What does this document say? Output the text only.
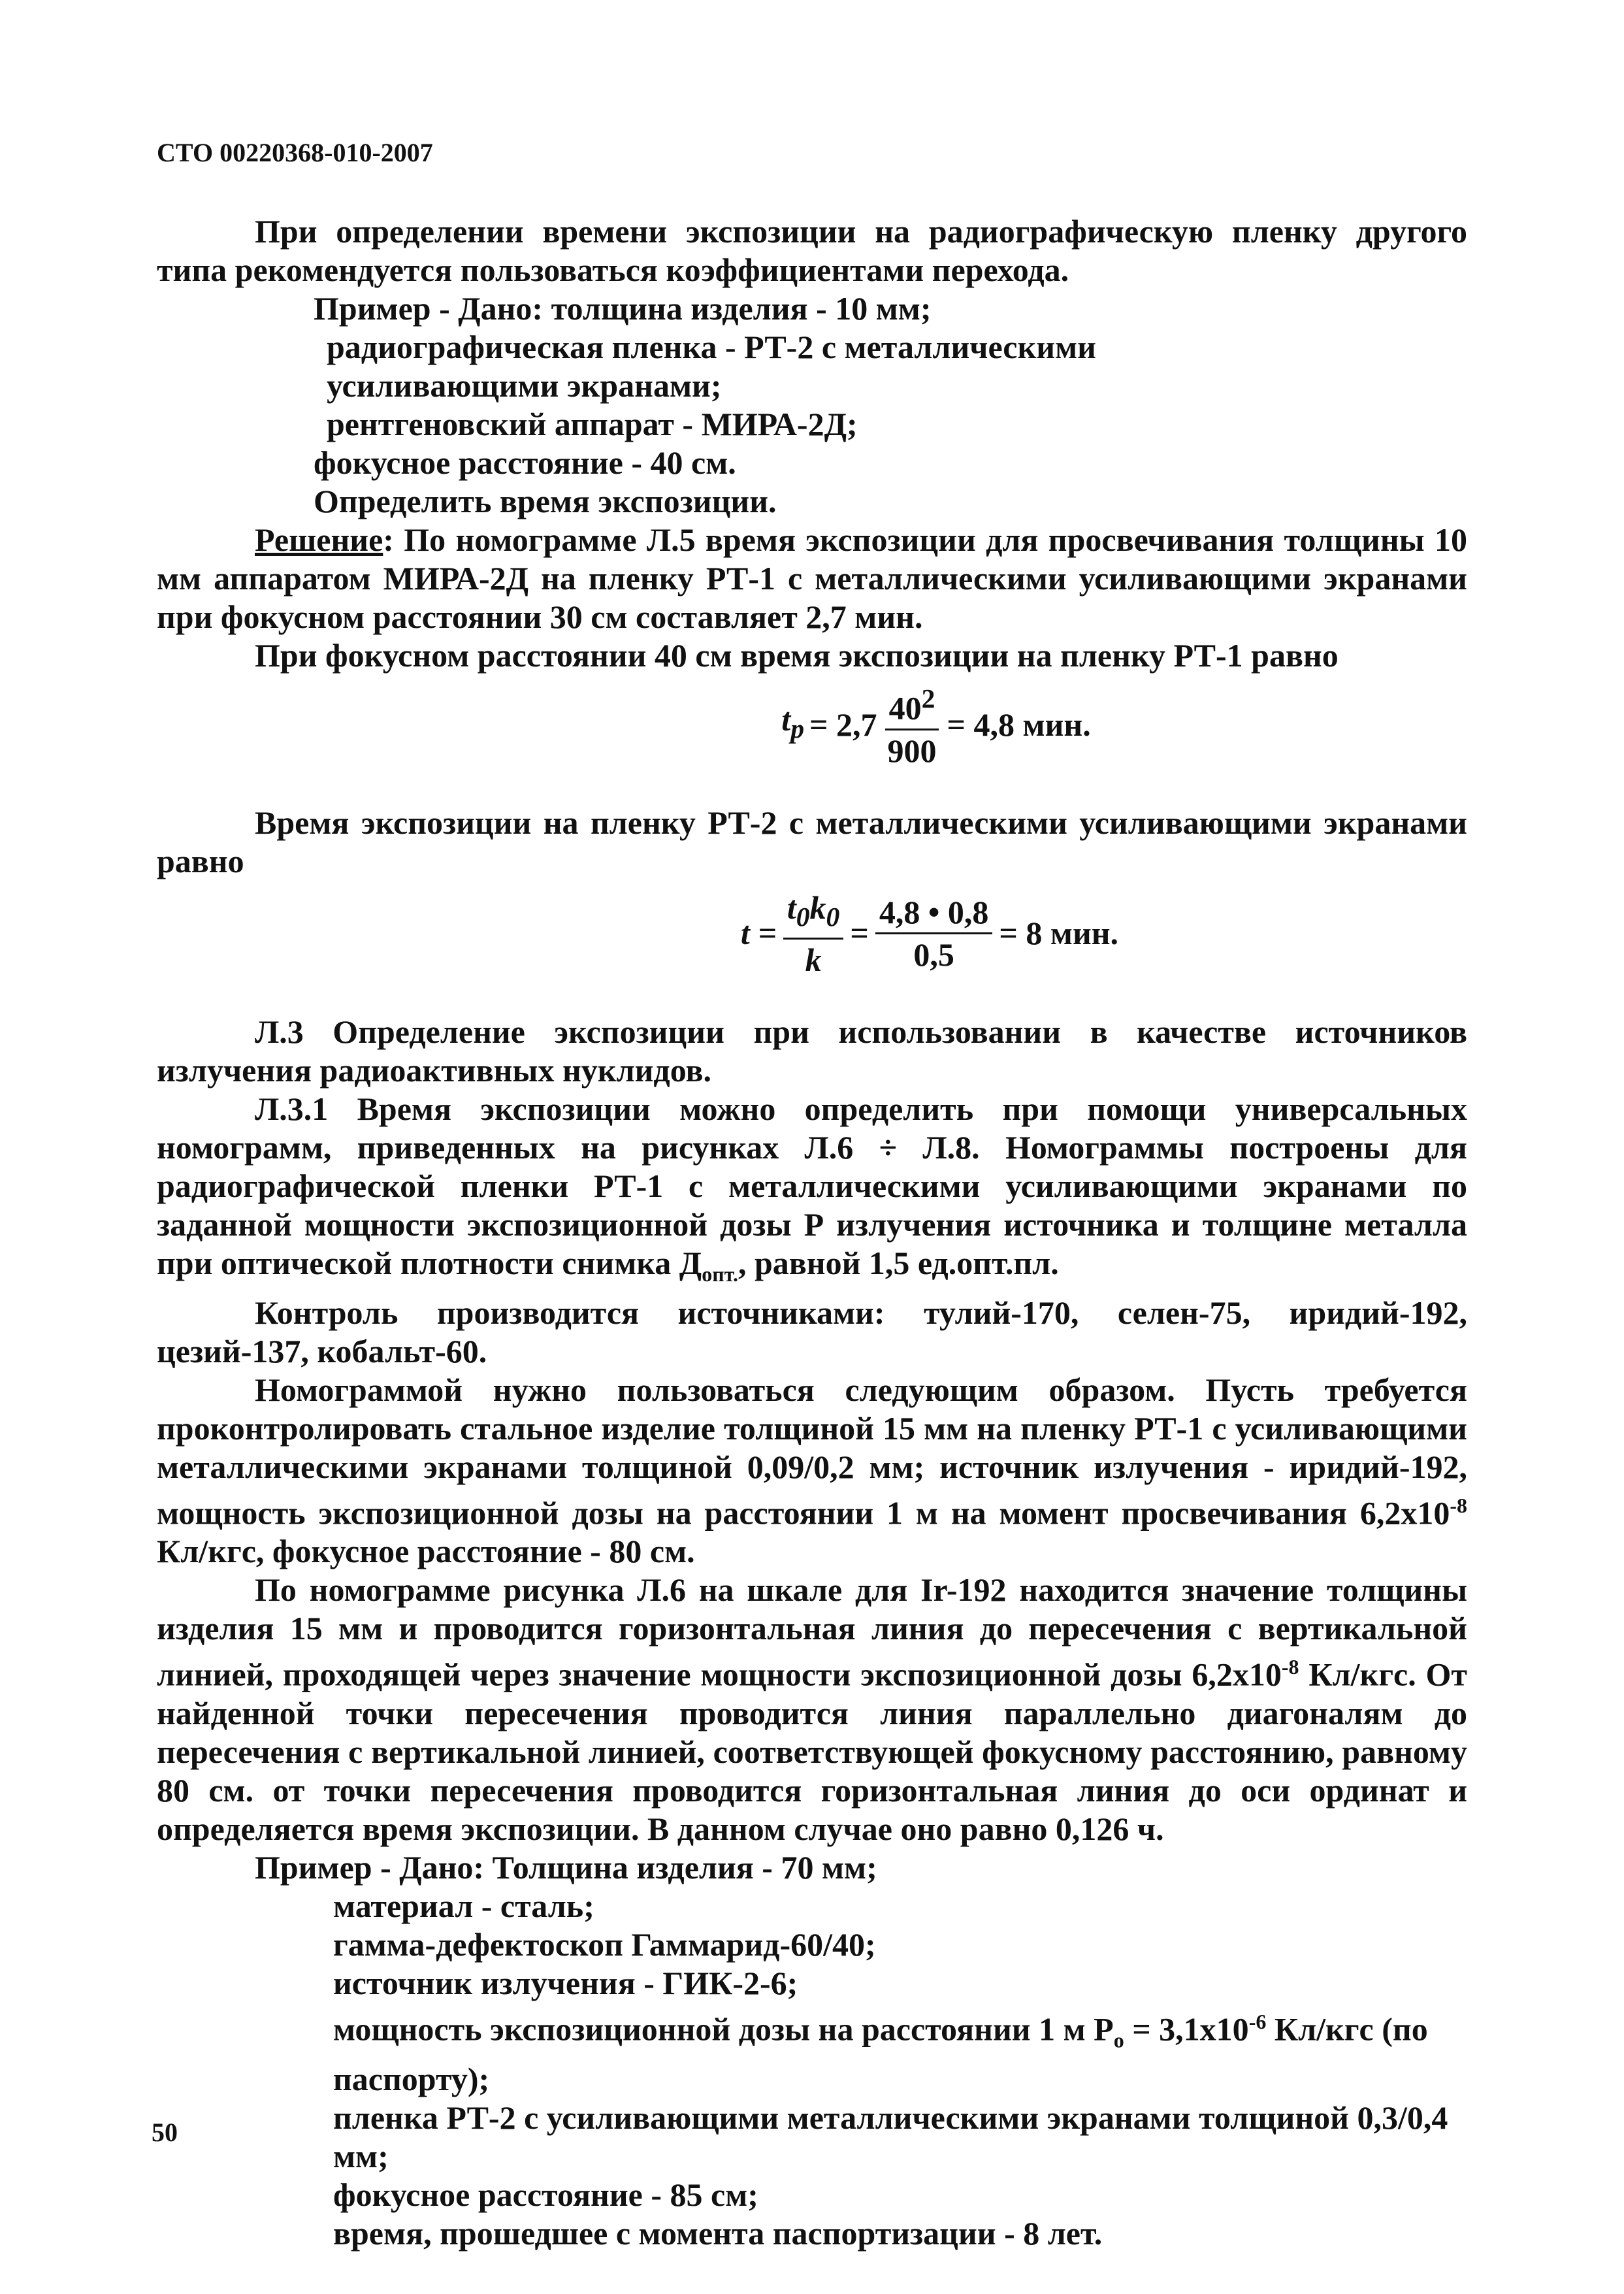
СТО 00220368-010-2007

При определении времени экспозиции на радиографическую пленку другого типа рекомендуется пользоваться коэффициентами перехода.

Пример - Дано: толщина изделия - 10 мм;

радиографическая пленка - РТ-2 с металлическими усиливающими экранами;

рентгеновский аппарат - МИРА-2Д;

фокусное расстояние - 40 см.

Определить время экспозиции.

Решение: По номограмме Л.5 время экспозиции для просвечивания толщины 10 мм аппаратом МИРА-2Д на пленку РТ-1 с металлическими усиливающими экранами при фокусном расстоянии 30 см составляет 2,7 мин.

При фокусном расстоянии 40 см время экспозиции на пленку РТ-1 равно

$t_p = 2,7 \frac{40^2}{900} = 4,8$ мин.

Время экспозиции на пленку РТ-2 с металлическими усиливающими экранами равно

$t = \frac{t_0k_0}{k} = \frac{4,8 • 0,8}{0,5} = 8$ мин.

Л.3 Определение экспозиции при использовании в качестве источников излучения радиоактивных нуклидов.

Л.3.1 Время экспозиции можно определить при помощи универсальных номограмм, приведенных на рисунках Л.6 ÷ Л.8. Номограммы построены для радиографической пленки РТ-1 с металлическими усиливающими экранами по заданной мощности экспозиционной дозы Р излучения источника и толщине металла при оптической плотности снимка $Д_{опт.}$, равной 1,5 ед.опт.пл.

Контроль производится источниками: тулий-170, селен-75, иридий-192, цезий-137, кобальт-60.

Номограммой нужно пользоваться следующим образом. Пусть требуется проконтролировать стальное изделие толщиной 15 мм на пленку РТ-1 с усиливающими металлическими экранами толщиной 0,09/0,2 мм; источник излучения - иридий-192, мощность экспозиционной дозы на расстоянии 1 м на момент просвечивания $6,2x10^{-8}$ Кл/кгс, фокусное расстояние - 80 см.

По номограмме рисунка Л.6 на шкале для Ir-192 находится значение толщины изделия 15 мм и проводится горизонтальная линия до пересечения с вертикальной линией, проходящей через значение мощности экспозиционной дозы $6,2x10^{-8}$ Кл/кгс. От найденной точки пересечения проводится линия параллельно диагоналям до пересечения с вертикальной линией, соответствующей фокусному расстоянию, равному 80 см. от точки пересечения проводится горизонтальная линия до оси ординат и определяется время экспозиции. В данном случае оно равно 0,126 ч.

Пример - Дано: Толщина изделия - 70 мм;

материал - сталь;

гамма-дефектоскоп Гаммарид-60/40;

источник излучения - ГИК-2-6;

мощность экспозиционной дозы на расстоянии 1 м $P_o = 3,1x10^{-6}$ Кл/кгс (по паспорту);

пленка РТ-2 с усиливающими металлическими экранами толщиной 0,3/0,4 мм;

фокусное расстояние - 85 см;

время, прошедшее с момента паспортизации - 8 лет.

50
